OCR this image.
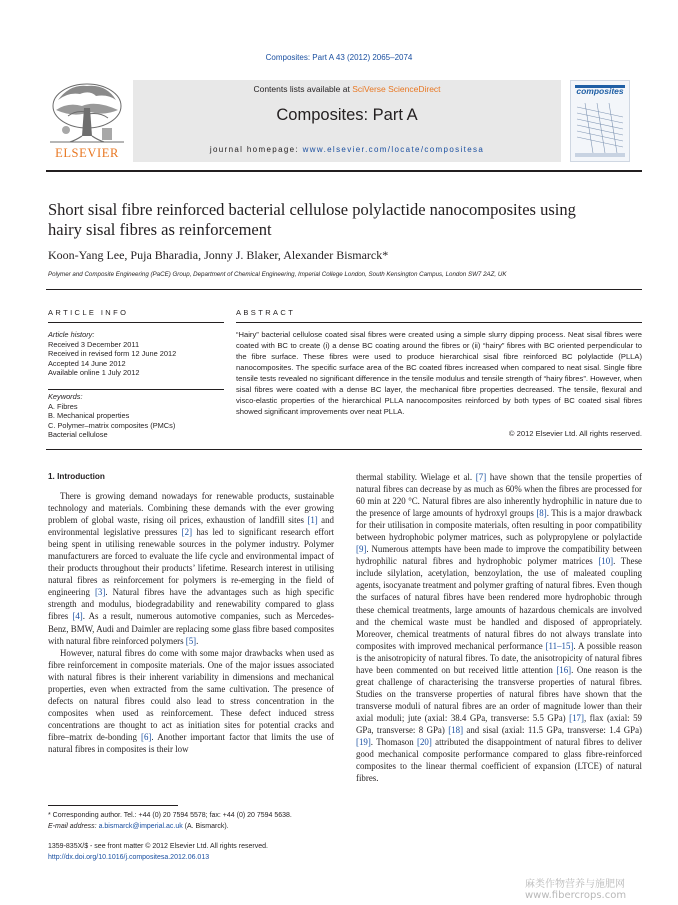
Composites: Part A 43 (2012) 2065–2074
ELSEVIER
Contents lists available at SciVerse ScienceDirect
Composites: Part A
journal homepage: www.elsevier.com/locate/compositesa
composites
Short sisal fibre reinforced bacterial cellulose polylactide nanocomposites using hairy sisal fibres as reinforcement
Koon-Yang Lee, Puja Bharadia, Jonny J. Blaker, Alexander Bismarck*
Polymer and Composite Engineering (PaCE) Group, Department of Chemical Engineering, Imperial College London, South Kensington Campus, London SW7 2AZ, UK
ARTICLE INFO
Article history:
Received 3 December 2011
Received in revised form 12 June 2012
Accepted 14 June 2012
Available online 1 July 2012
Keywords:
A. Fibres
B. Mechanical properties
C. Polymer–matrix composites (PMCs)
Bacterial cellulose
ABSTRACT
“Hairy” bacterial cellulose coated sisal fibres were created using a simple slurry dipping process. Neat sisal fibres were coated with BC to create (i) a dense BC coating around the fibres or (ii) “hairy” fibres with BC oriented perpendicular to the fibre surface. These fibres were used to produce hierarchical sisal fibre reinforced BC polylactide (PLLA) nanocomposites. The specific surface area of the BC coated fibres increased when compared to neat sisal. Single fibre tensile tests revealed no significant difference in the tensile modulus and tensile strength of “hairy fibres”. However, when sisal fibres were coated with a dense BC layer, the mechanical fibre properties decreased. The tensile, flexural and visco-elastic properties of the hierarchical PLLA nanocomposites reinforced by both types of BC coated sisal fibres showed significant improvements over neat PLLA.
© 2012 Elsevier Ltd. All rights reserved.
1. Introduction

There is growing demand nowadays for renewable products, sustainable technology and materials. Combining these demands with the ever growing problem of global waste, rising oil prices, exhaustion of landfill sites [1] and environmental legislative pressures [2] has led to significant research effort being spent in utilising renewable sources in the polymer industry. Polymer manufacturers are forced to evaluate the life cycle and environmental impact of their products throughout their products’ lifetime. Research interest in utilising natural fibres as reinforcement for polymers is re-emerging in the field of engineering [3]. Natural fibres have the advantages such as high specific strength and modulus, biodegradability and renewability compared to glass fibres [4]. As a result, numerous automotive companies, such as Mercedes-Benz, BMW, Audi and Daimler are replacing some glass fibre based composites with natural fibre reinforced polymers [5].

However, natural fibres do come with some major drawbacks when used as fibre reinforcement in composite materials. One of the major issues associated with natural fibres is their inherent variability in dimensions and mechanical properties, even when extracted from the same cultivation. The presence of defects on natural fibres could also lead to stress concentration in the composites when used as reinforcement. These defect induced stress concentrations are thought to act as initiation sites for potential cracks and fibre–matrix de-bonding [6]. Another important factor that limits the use of natural fibres in composites is their low

thermal stability. Wielage et al. [7] have shown that the tensile properties of natural fibres can decrease by as much as 60% when the fibres are processed for 60 min at 220 °C. Natural fibres are also inherently hydrophilic in nature due to the presence of large amounts of hydroxyl groups [8]. This is a major drawback for their utilisation in composite materials, often resulting in poor compatibility between hydrophobic polymer matrices, such as polypropylene or polylactide [9]. Numerous attempts have been made to improve the compatibility between hydrophilic natural fibres and hydrophobic polymer matrices [10]. These include silylation, acetylation, benzoylation, the use of maleated coupling agents, isocyanate treatment and polymer grafting of natural fibres. Even though the surfaces of natural fibres have been rendered more hydrophobic through these chemical treatments, large amounts of hazardous chemicals are involved and the chemical waste must be handled and disposed of appropriately. Moreover, chemical treatments of natural fibres do not always translate into composites with improved mechanical performance [11–15]. A possible reason is the anisotropicity of natural fibres. To date, the anisotropicity of natural fibres have been commented on but received little attention [16]. One reason is the great challenge of characterising the transverse properties of natural fibres. Studies on the transverse properties of natural fibres have shown that the transverse moduli of natural fibres are an order of magnitude lower than their axial moduli; jute (axial: 38.4 GPa, transverse: 5.5 GPa) [17], flax (axial: 59 GPa, transverse: 8 GPa) [18] and sisal (axial: 11.5 GPa, transverse: 1.4 GPa) [19]. Thomason [20] attributed the disappointment of natural fibres to deliver good mechanical composite performance compared to glass fibre-reinforced composites to the linear thermal coefficient of expansion (LTCE) of natural fibres.

* Corresponding author. Tel.: +44 (0) 20 7594 5578; fax: +44 (0) 20 7594 5638.
E-mail address: a.bismarck@imperial.ac.uk (A. Bismarck).
1359-835X/$ - see front matter © 2012 Elsevier Ltd. All rights reserved.
http://dx.doi.org/10.1016/j.compositesa.2012.06.013
麻类作物营养与施肥网 www.fibercrops.com
